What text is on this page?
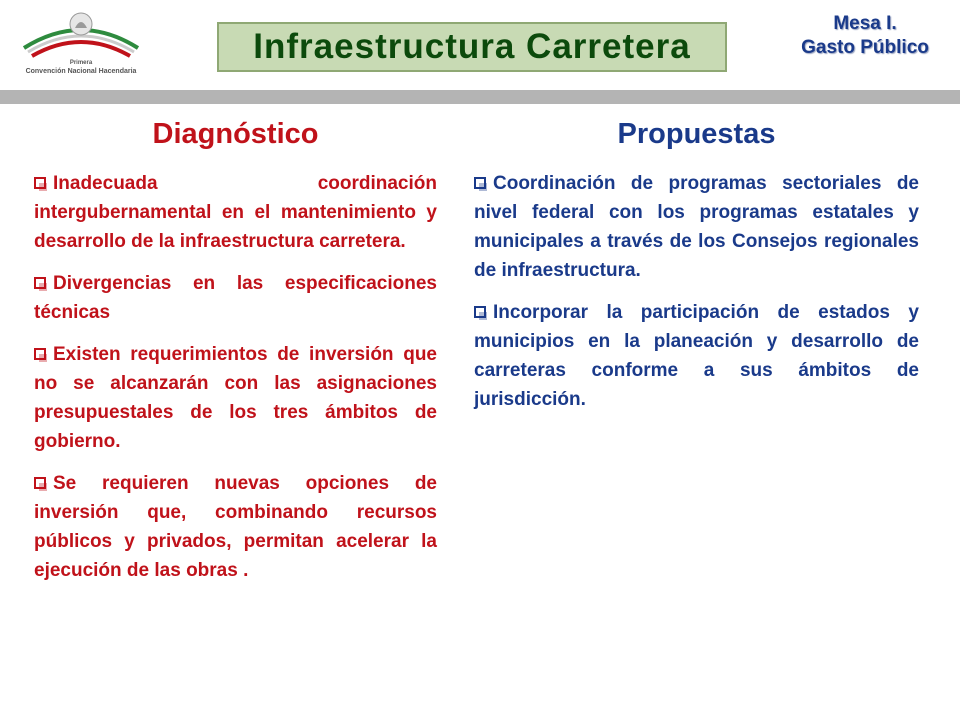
Primera
Convención Nacional Hacendaria
Infraestructura Carretera
Mesa I.
Gasto Público
Diagnóstico
Inadecuada coordinación intergubernamental en el mantenimiento y desarrollo de la infraestructura carretera.
Divergencias en las especificaciones técnicas
Existen requerimientos de inversión que no se alcanzarán con las asignaciones presupuestales de los tres ámbitos de gobierno.
Se requieren nuevas opciones de inversión que, combinando recursos públicos y privados, permitan acelerar la ejecución de las obras .
Propuestas
Coordinación de programas sectoriales de nivel federal con los programas estatales y municipales a través de los Consejos regionales de infraestructura.
Incorporar la participación de estados y municipios en la planeación y desarrollo de carreteras conforme a sus ámbitos de jurisdicción.
